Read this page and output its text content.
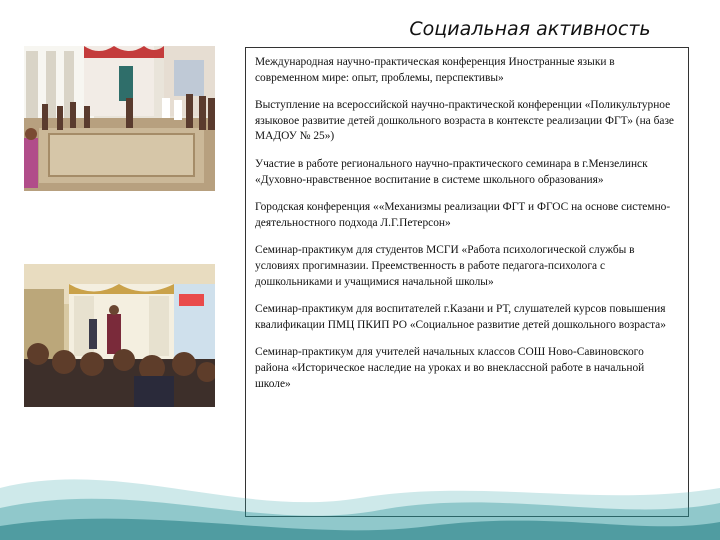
Социальная активность

Международная научно-практическая конференция Иностранные языки в современном мире: опыт, проблемы, перспективы»

Выступление на всероссийской научно-практической конференции «Поликультурное языковое развитие детей дошкольного возраста в контексте реализации ФГТ» (на базе МАДОУ № 25»)

Участие в работе регионального научно-практического семинара в г.Мензелинск «Духовно-нравственное воспитание в системе школьного образования»

Городская конференция ««Механизмы реализации ФГТ и ФГОС на основе системно-деятельностного подхода Л.Г.Петерсон»

Семинар-практикум для студентов МСГИ «Работа психологической службы в условиях прогимназии. Преемственность в работе педагога-психолога с дошкольниками и учащимися начальной школы»

Семинар-практикум для воспитателей г.Казани и РТ, слушателей курсов повышения квалификации ПМЦ ПКИП РО «Социальное развитие детей дошкольного возраста»

Семинар-практикум для учителей начальных классов СОШ Ново-Савиновского района «Историческое наследие на уроках и во внеклассной работе в начальной школе»
